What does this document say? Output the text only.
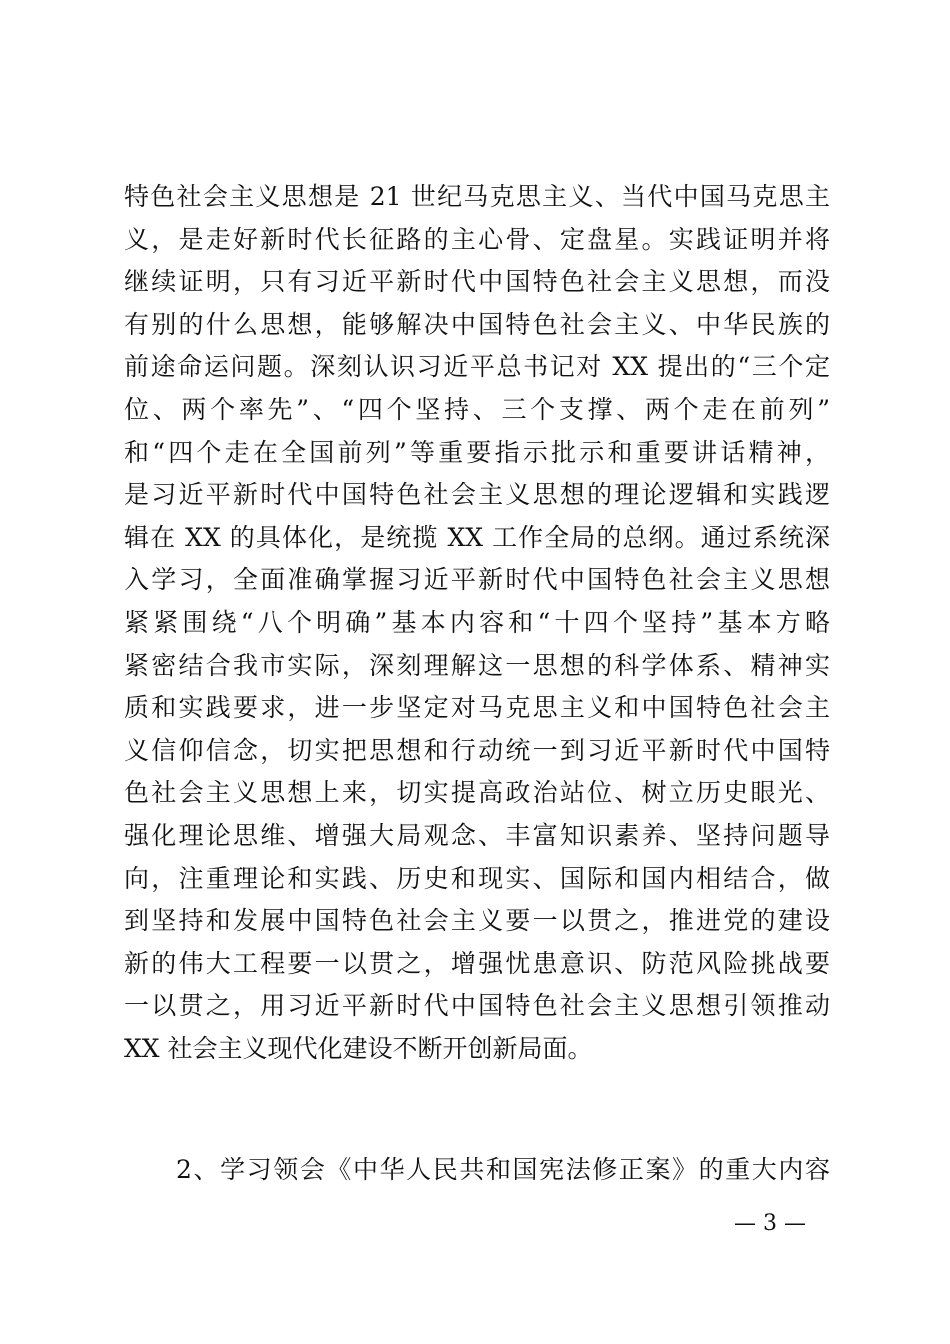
特色社会主义思想是 21 世纪马克思主义、当代中国马克思主
义，是走好新时代长征路的主心骨、定盘星。实践证明并将
继续证明，只有习近平新时代中国特色社会主义思想，而没
有别的什么思想，能够解决中国特色社会主义、中华民族的
前途命运问题。深刻认识习近平总书记对 XX 提出的“三个定
位、两个率先”、“四个坚持、三个支撑、两个走在前列”
和“四个走在全国前列”等重要指示批示和重要讲话精神，
是习近平新时代中国特色社会主义思想的理论逻辑和实践逻
辑在 XX 的具体化，是统揽 XX 工作全局的总纲。通过系统深
入学习，全面准确掌握习近平新时代中国特色社会主义思想
紧紧围绕“八个明确”基本内容和“十四个坚持”基本方略
紧密结合我市实际，深刻理解这一思想的科学体系、精神实
质和实践要求，进一步坚定对马克思主义和中国特色社会主
义信仰信念，切实把思想和行动统一到习近平新时代中国特
色社会主义思想上来，切实提高政治站位、树立历史眼光、
强化理论思维、增强大局观念、丰富知识素养、坚持问题导
向，注重理论和实践、历史和现实、国际和国内相结合，做
到坚持和发展中国特色社会主义要一以贯之，推进党的建设
新的伟大工程要一以贯之，增强忧患意识、防范风险挑战要
一以贯之，用习近平新时代中国特色社会主义思想引领推动
XX 社会主义现代化建设不断开创新局面。
2、学习领会《中华人民共和国宪法修正案》的重大内容
— 3 —
